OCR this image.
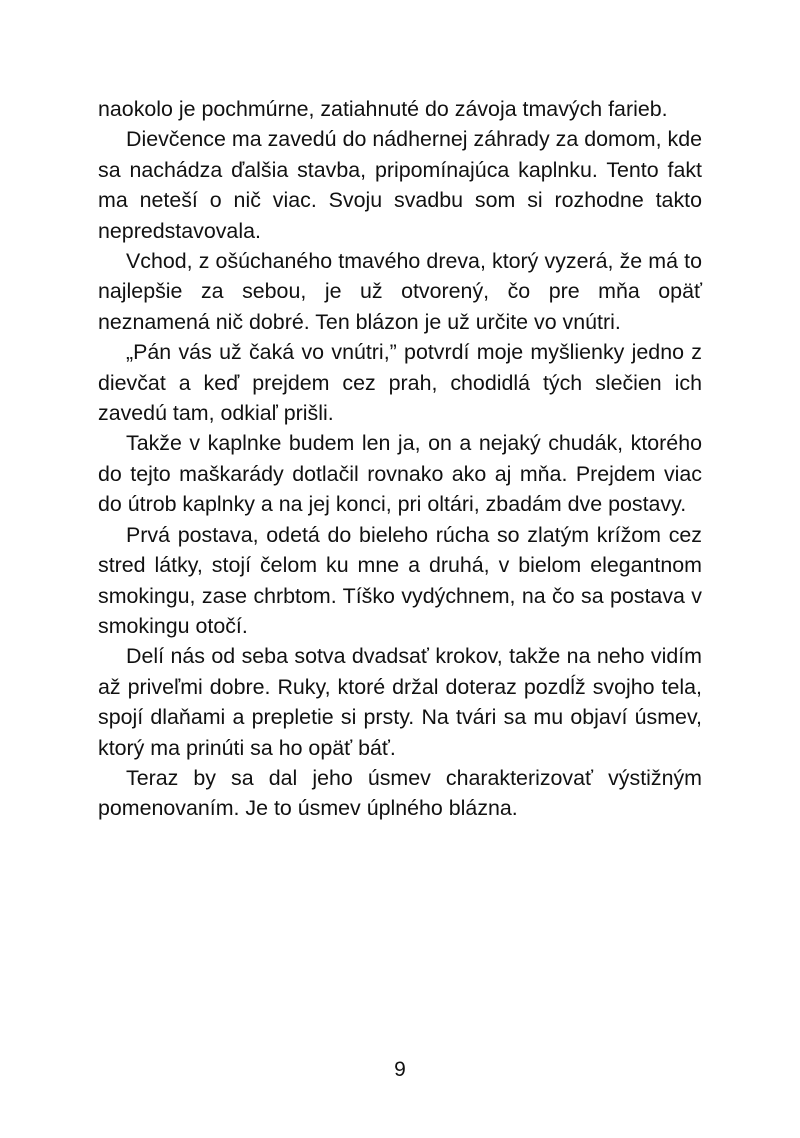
naokolo je pochmúrne, zatiahnuté do závoja tmavých farieb.

Dievčence ma zavedú do nádhernej záhrady za domom, kde sa nachádza ďalšia stavba, pripomínajúca kaplnku. Tento fakt ma neteší o nič viac. Svoju svadbu som si rozhodne takto nepredstavovala.

Vchod, z ošúchaného tmavého dreva, ktorý vyzerá, že má to najlepšie za sebou, je už otvorený, čo pre mňa opäť neznamená nič dobré. Ten blázon je už určite vo vnútri.

„Pán vás už čaká vo vnútri,” potvrdí moje myšlienky jedno z dievčat a keď prejdem cez prah, chodidlá tých slečien ich zavedú tam, odkiaľ prišli.

Takže v kaplnke budem len ja, on a nejaký chudák, ktorého do tejto maškarády dotlačil rovnako ako aj mňa. Prejdem viac do útrob kaplnky a na jej konci, pri oltári, zbadám dve postavy.

Prvá postava, odetá do bieleho rúcha so zlatým krížom cez stred látky, stojí čelom ku mne a druhá, v bielom elegantnom smokingu, zase chrbtom. Tíško vydýchnem, na čo sa postava v smokingu otočí.

Delí nás od seba sotva dvadsať krokov, takže na neho vidím až priveľmi dobre. Ruky, ktoré držal doteraz pozdĺž svojho tela, spojí dlaňami a prepletie si prsty. Na tvári sa mu objaví úsmev, ktorý ma prinúti sa ho opäť báť.

Teraz by sa dal jeho úsmev charakterizovať výstižným pomenovaním. Je to úsmev úplného blázna.

9
